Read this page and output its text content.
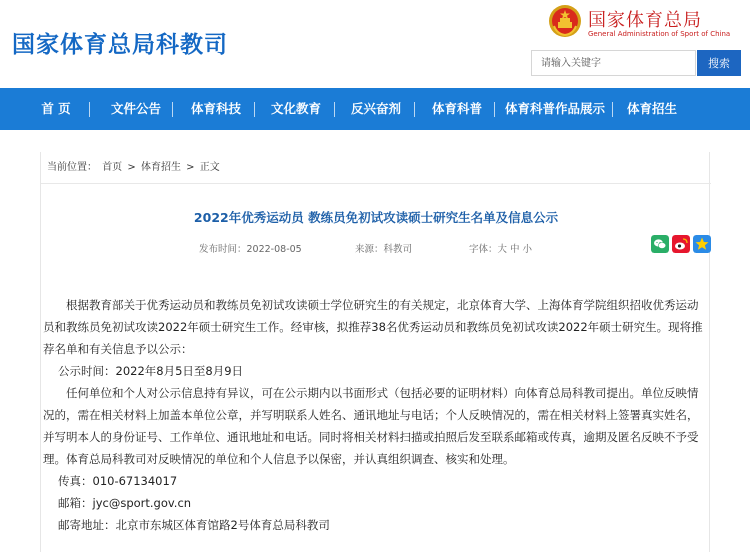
国家体育总局科教司
国家体育总局
General Administration of Sport of China
请输入关键字
搜索
首 页	文件公告 体育科技 文化教育 反兴奋剂 体育科普	体育科普作品展示	体育招生
当前位置： 首页 > 体育招生 > 正文
2022年优秀运动员 教练员免初试攻读硕士研究生名单及信息公示
发布时间：2022-08-05	来源：科教司	字体：大 中 小

根据教育部关于优秀运动员和教练员免初试攻读硕士学位研究生的有关规定，北京体育大学、上海体育学院组织招收优秀运动员和教练员免初试攻读2022年硕士研究生工作。经审核，拟推荐38名优秀运动员和教练员免初试攻读2022年硕士研究生。现将推荐名单和有关信息予以公示：

公示时间：2022年8月5日至8月9日

任何单位和个人对公示信息持有异议，可在公示期内以书面形式（包括必要的证明材料）向体育总局科教司提出。单位反映情况的，需在相关材料上加盖本单位公章，并写明联系人姓名、通讯地址与电话；个人反映情况的，需在相关材料上签署真实姓名，并写明本人的身份证号、工作单位、通讯地址和电话。同时将相关材料扫描或拍照后发至联系邮箱或传真，逾期及匿名反映不予受理。体育总局科教司对反映情况的单位和个人信息予以保密，并认真组织调查、核实和处理。

传真：010-67134017

邮箱：jyc@sport.gov.cn

邮寄地址：北京市东城区体育馆路2号体育总局科教司
